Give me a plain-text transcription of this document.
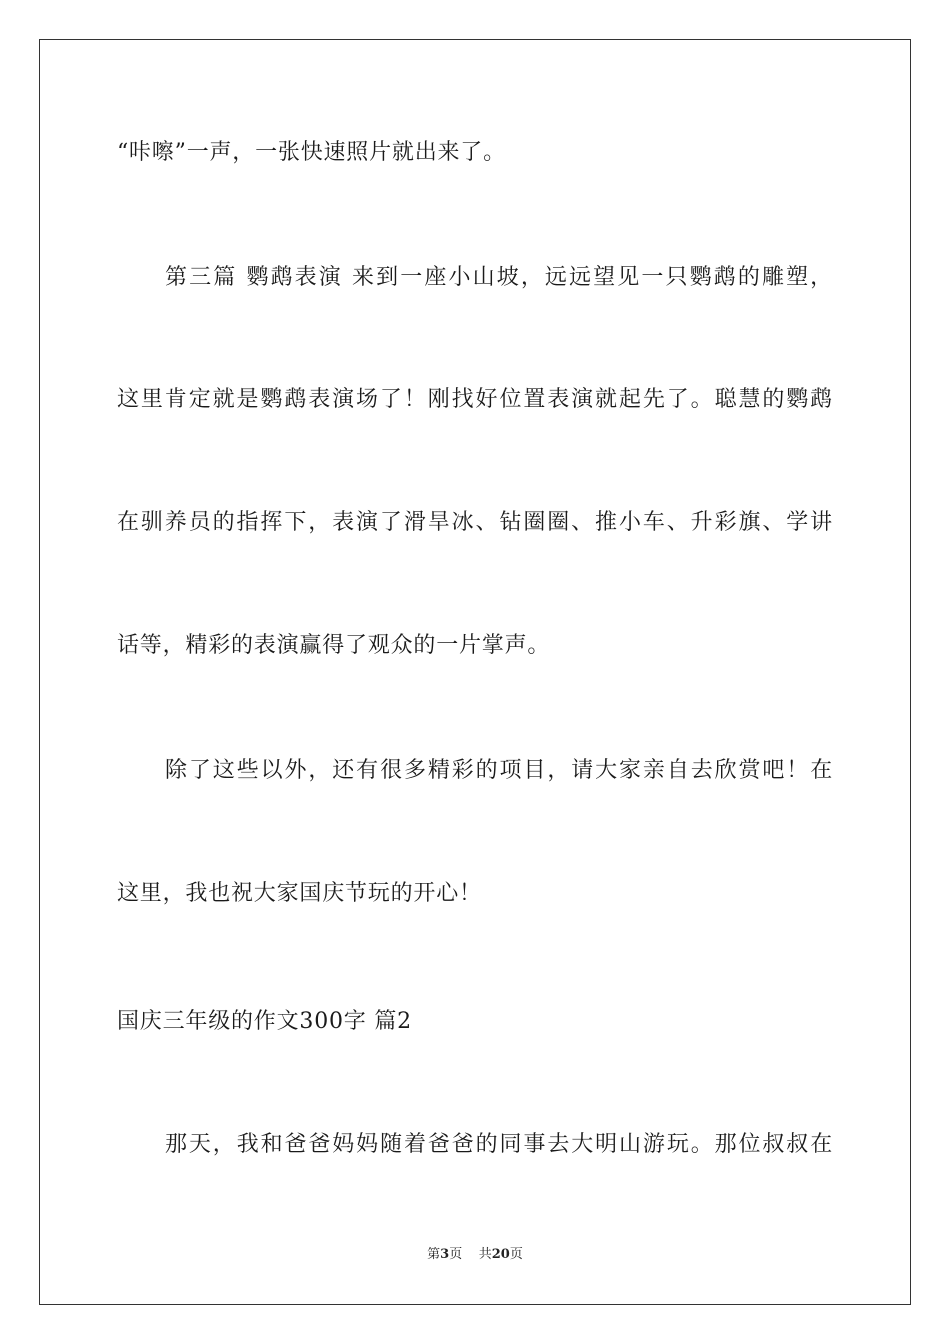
“咔嚓”一声，一张快速照片就出来了。
第三篇 鹦鹉表演 来到一座小山坡，远远望见一只鹦鹉的雕塑，
这里肯定就是鹦鹉表演场了！刚找好位置表演就起先了。聪慧的鹦鹉
在驯养员的指挥下，表演了滑旱冰、钻圈圈、推小车、升彩旗、学讲
话等，精彩的表演赢得了观众的一片掌声。
除了这些以外，还有很多精彩的项目，请大家亲自去欣赏吧！在
这里，我也祝大家国庆节玩的开心！
国庆三年级的作文300字 篇2
那天，我和爸爸妈妈随着爸爸的同事去大明山游玩。那位叔叔在
第3页 共20页
